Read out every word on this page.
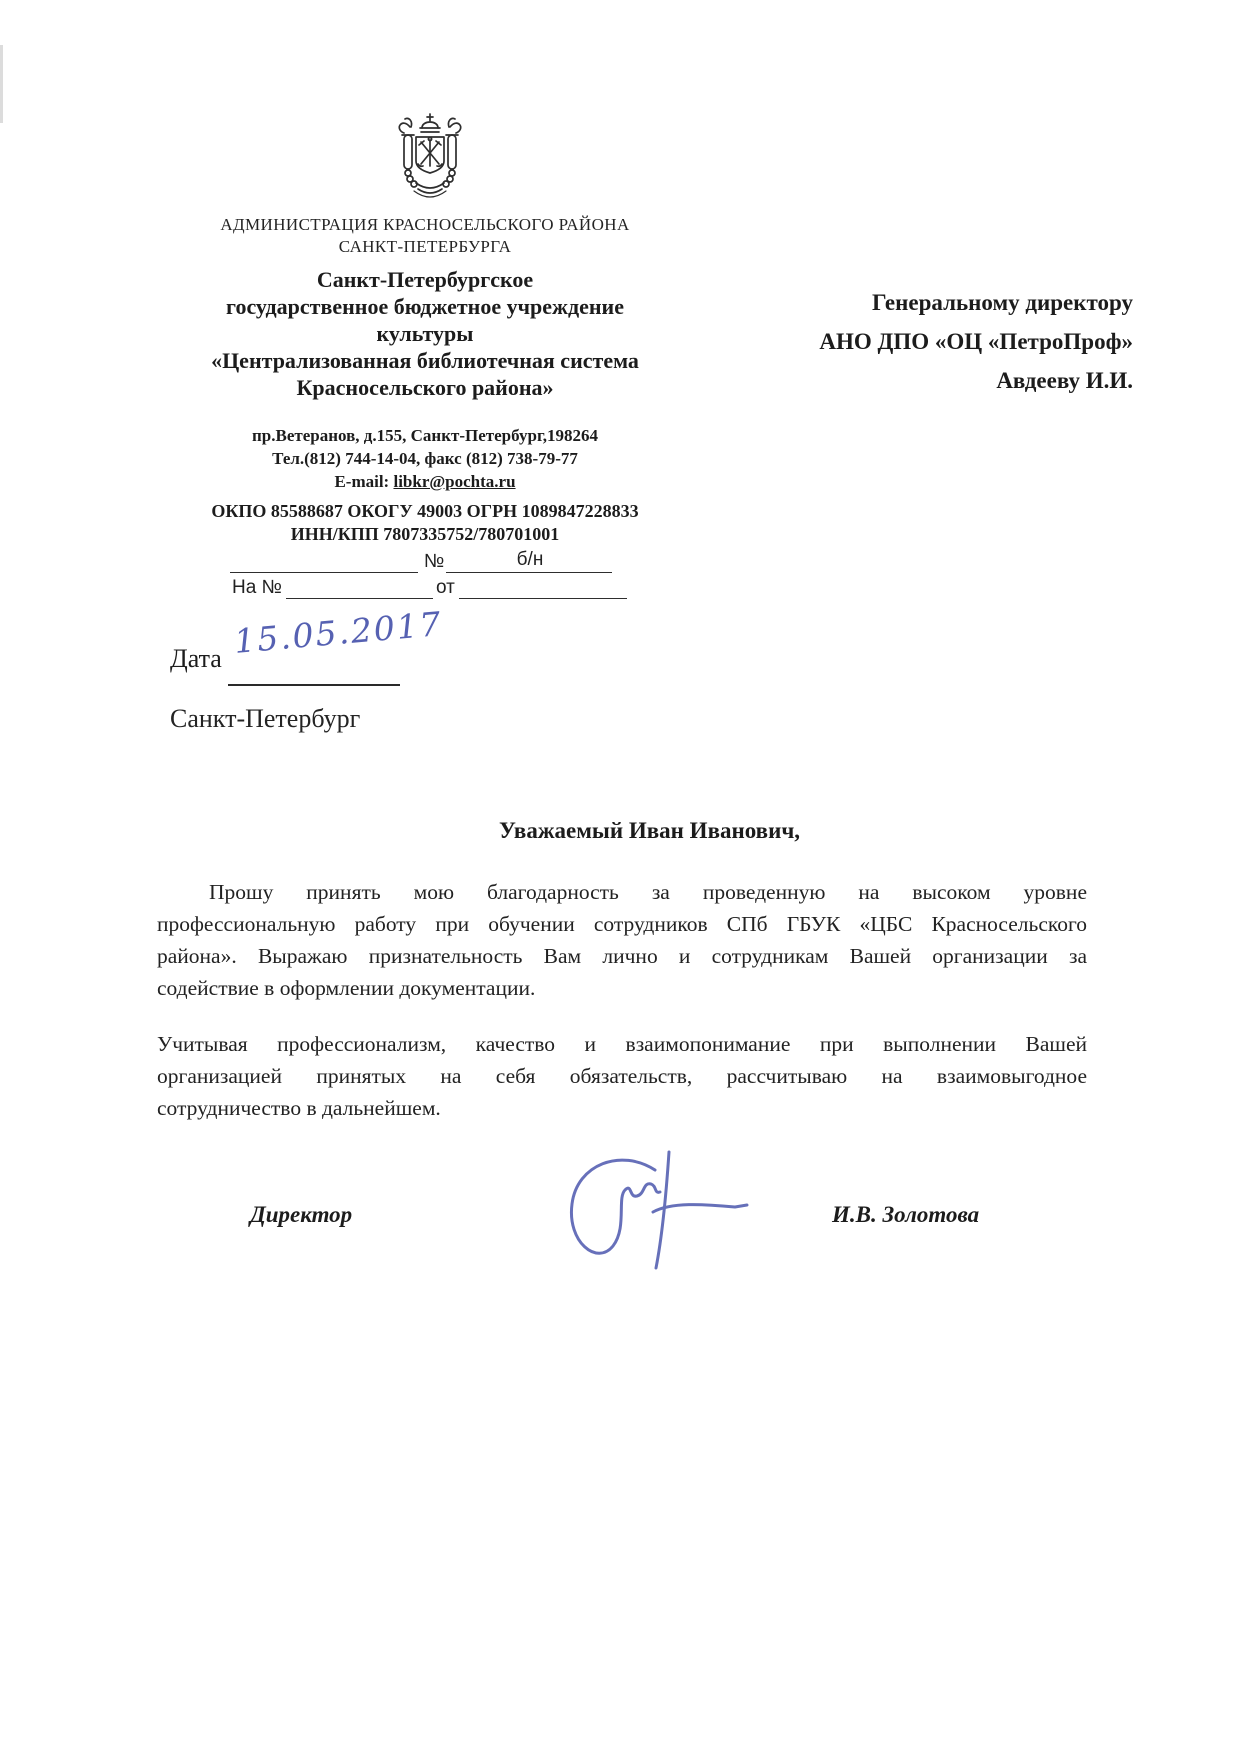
АДМИНИСТРАЦИЯ КРАСНОСЕЛЬСКОГО РАЙОНА
САНКТ-ПЕТЕРБУРГА
Санкт-Петербургское
государственное бюджетное учреждение
культуры
«Централизованная библиотечная система
Красносельского района»
пр.Ветеранов, д.155, Санкт-Петербург,198264
Тел.(812) 744-14-04, факс (812) 738-79-77
E-mail: libkr@pochta.ru
ОКПО 85588687 ОКОГУ 49003 ОГРН 1089847228833
ИНН/КПП 7807335752/780701001
№	б/н
На №	от
Генеральному директору
АНО ДПО «ОЦ «ПетроПроф»
Авдееву И.И.
Дата 15.05.2017
Санкт-Петербург
Уважаемый Иван Иванович,
Прошу принять мою благодарность за проведенную на высоком уровне
профессиональную работу при обучении сотрудников СПб ГБУК «ЦБС Красносельского
района». Выражаю признательность Вам лично и сотрудникам Вашей организации за
содействие в оформлении документации.
Учитывая профессионализм, качество и взаимопонимание при выполнении Вашей
организацией принятых на себя обязательств, рассчитываю на взаимовыгодное
сотрудничество в дальнейшем.
Директор	И.В. Золотова
